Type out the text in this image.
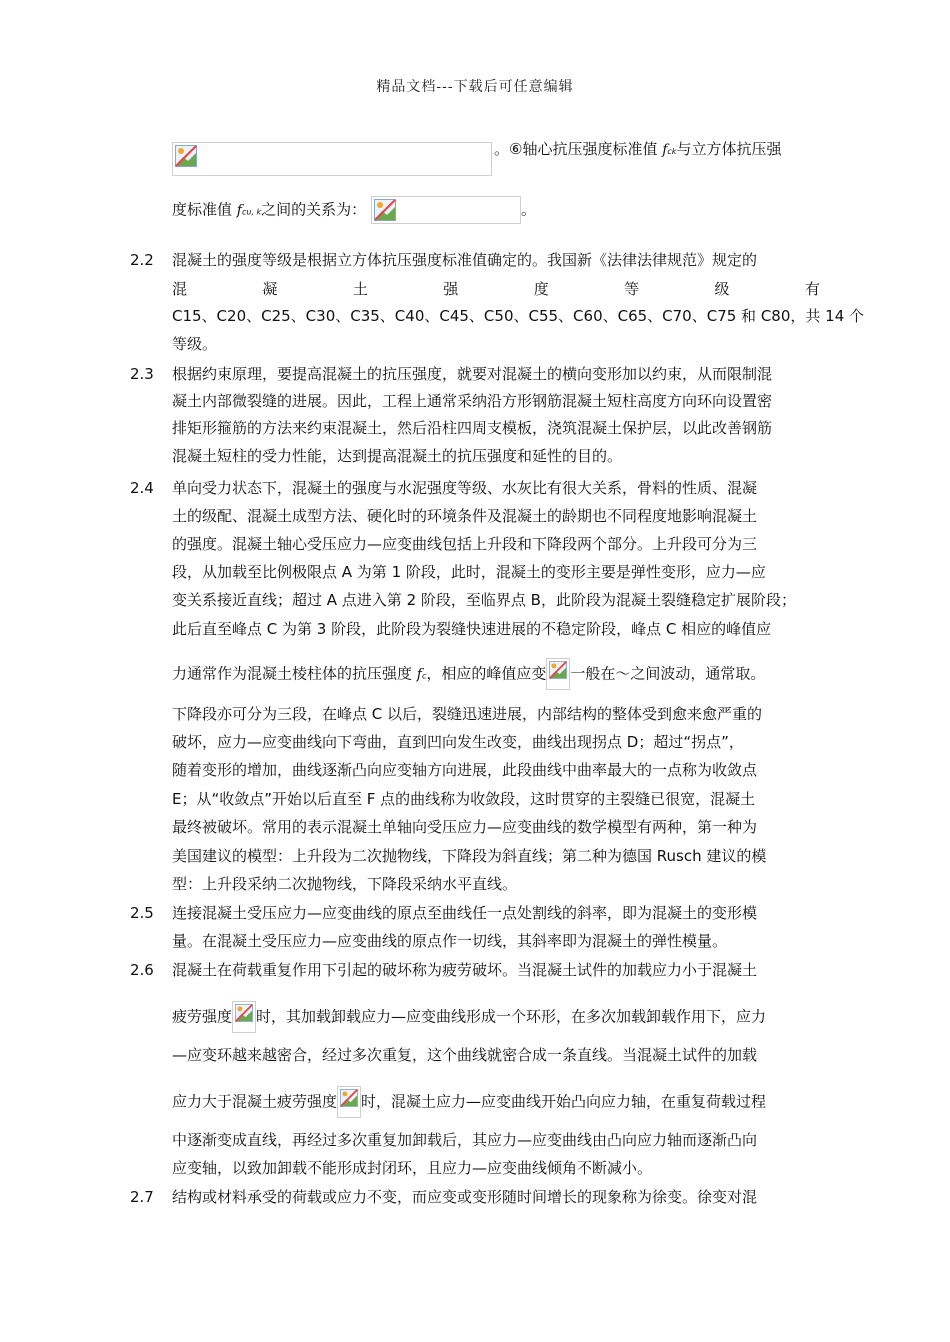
精品文档---下载后可任意编辑
。⑥轴心抗压强度标准值 fck与立方体抗压强
度标准值 fcu, k之间的关系为：	。
2.2 混凝土的强度等级是根据立方体抗压强度标准值确定的。我国新《法律法律规范》规定的
混	凝	土	强	度	等	级	有
C15、C20、C25、C30、C35、C40、C45、C50、C55、C60、C65、C70、C75 和 C80，共 14 个
等级。
2.3 根据约束原理，要提高混凝土的抗压强度，就要对混凝土的横向变形加以约束，从而限制混
凝土内部微裂缝的进展。因此，工程上通常采纳沿方形钢筋混凝土短柱高度方向环向设置密
排矩形箍筋的方法来约束混凝土，然后沿柱四周支模板，浇筑混凝土保护层，以此改善钢筋
混凝土短柱的受力性能，达到提高混凝土的抗压强度和延性的目的。
2.4 单向受力状态下，混凝土的强度与水泥强度等级、水灰比有很大关系，骨料的性质、混凝
土的级配、混凝土成型方法、硬化时的环境条件及混凝土的龄期也不同程度地影响混凝土
的强度。混凝土轴心受压应力—应变曲线包括上升段和下降段两个部分。上升段可分为三
段，从加载至比例极限点 A 为第 1 阶段，此时，混凝土的变形主要是弹性变形，应力—应
变关系接近直线；超过 A 点进入第 2 阶段，至临界点 B，此阶段为混凝土裂缝稳定扩展阶段；
此后直至峰点 C 为第 3 阶段，此阶段为裂缝快速进展的不稳定阶段，峰点 C 相应的峰值应
力通常作为混凝土棱柱体的抗压强度 fc，相应的峰值应变 一般在～之间波动，通常取。
下降段亦可分为三段，在峰点 C 以后，裂缝迅速进展，内部结构的整体受到愈来愈严重的
破坏，应力—应变曲线向下弯曲，直到凹向发生改变，曲线出现拐点 D；超过“拐点”，
随着变形的增加，曲线逐渐凸向应变轴方向进展，此段曲线中曲率最大的一点称为收敛点
E；从“收敛点”开始以后直至 F 点的曲线称为收敛段，这时贯穿的主裂缝已很宽，混凝土
最终被破坏。常用的表示混凝土单轴向受压应力—应变曲线的数学模型有两种，第一种为
美国建议的模型：上升段为二次抛物线，下降段为斜直线；第二种为德国 Rusch 建议的模
型：上升段采纳二次抛物线，下降段采纳水平直线。
2.5 连接混凝土受压应力—应变曲线的原点至曲线任一点处割线的斜率，即为混凝土的变形模
量。在混凝土受压应力—应变曲线的原点作一切线，其斜率即为混凝土的弹性模量。
2.6 混凝土在荷载重复作用下引起的破坏称为疲劳破坏。当混凝土试件的加载应力小于混凝土
疲劳强度 时，其加载卸载应力—应变曲线形成一个环形，在多次加载卸载作用下，应力
—应变环越来越密合，经过多次重复，这个曲线就密合成一条直线。当混凝土试件的加载
应力大于混凝土疲劳强度 时，混凝土应力—应变曲线开始凸向应力轴，在重复荷载过程
中逐渐变成直线，再经过多次重复加卸载后，其应力—应变曲线由凸向应力轴而逐渐凸向
应变轴，以致加卸载不能形成封闭环，且应力—应变曲线倾角不断减小。
2.7 结构或材料承受的荷载或应力不变，而应变或变形随时间增长的现象称为徐变。徐变对混
